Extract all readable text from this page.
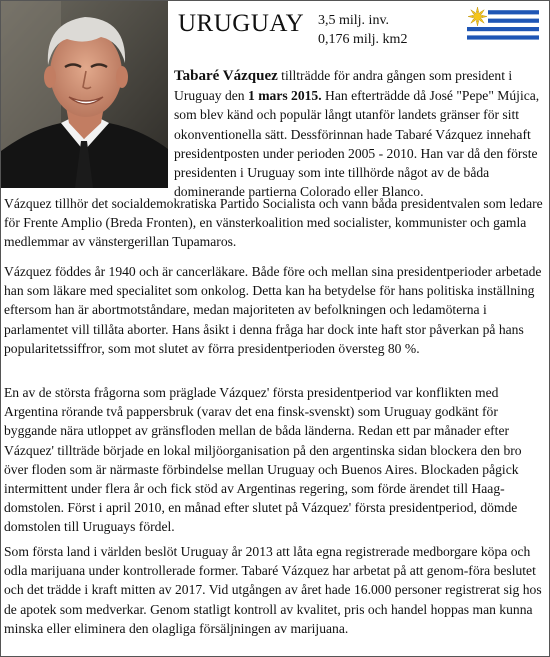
URUGUAY 3,5 milj. inv.
0,176 milj. km2
Tabaré Vázquez tillträdde för andra gången som president i Uruguay den 1 mars 2015. Han efterträdde då José "Pepe" Mújica, som blev känd och populär långt utanför landets gränser för sitt okonventionella sätt. Dessförinnan hade Tabaré Vázquez innehaft presidentposten under perioden 2005 - 2010. Han var då den förste presidenten i Uruguay som inte tillhörde något av de båda dominerande partierna Colorado eller Blanco.
Vázquez tillhör det socialdemokratiska Partido Socialista och vann båda presidentvalen som ledare för Frente Amplio (Breda Fronten), en vänsterkoalition med socialister, kommunister och gamla medlemmar av vänstergerillan Tupamaros.

Vázquez föddes år 1940 och är cancerläkare. Både före och mellan sina presidentperioder arbetade han som läkare med specialitet som onkolog. Detta kan ha betydelse för hans politiska inställning eftersom han är abortmotståndare, medan majoriteten av befolkningen och ledamöterna i parlamentet vill tillåta aborter. Hans åsikt i denna fråga har dock inte haft stor påverkan på hans popularitetssiffror, som mot slutet av förra presidentperioden översteg 80 %.

En av de största frågorna som präglade Vázquez' första presidentperiod var konflikten med Argentina rörande två pappersbruk (varav det ena finsk-svenskt) som Uruguay godkänt för byggande nära utloppet av gränsfloden mellan de båda länderna. Redan ett par månader efter Vázquez' tillträde började en lokal miljöorganisation på den argentinska sidan blockera den bro över floden som är närmaste förbindelse mellan Uruguay och Buenos Aires. Blockaden pågick intermittent under flera år och fick stöd av Argentinas regering, som förde ärendet till Haag-domstolen. Först i april 2010, en månad efter slutet på Vázquez' första presidentperiod, dömde domstolen till Uruguays fördel.

Som första land i världen beslöt Uruguay år 2013 att låta egna registrerade medborgare köpa och odla marijuana under kontrollerade former. Tabaré Vázquez har arbetat på att genom-föra beslutet och det trädde i kraft mitten av 2017. Vid utgången av året hade 16.000 personer registrerat sig hos de apotek som medverkar. Genom statligt kontroll av kvalitet, pris och handel hoppas man kunna minska eller eliminera den olagliga försäljningen av marijuana.
